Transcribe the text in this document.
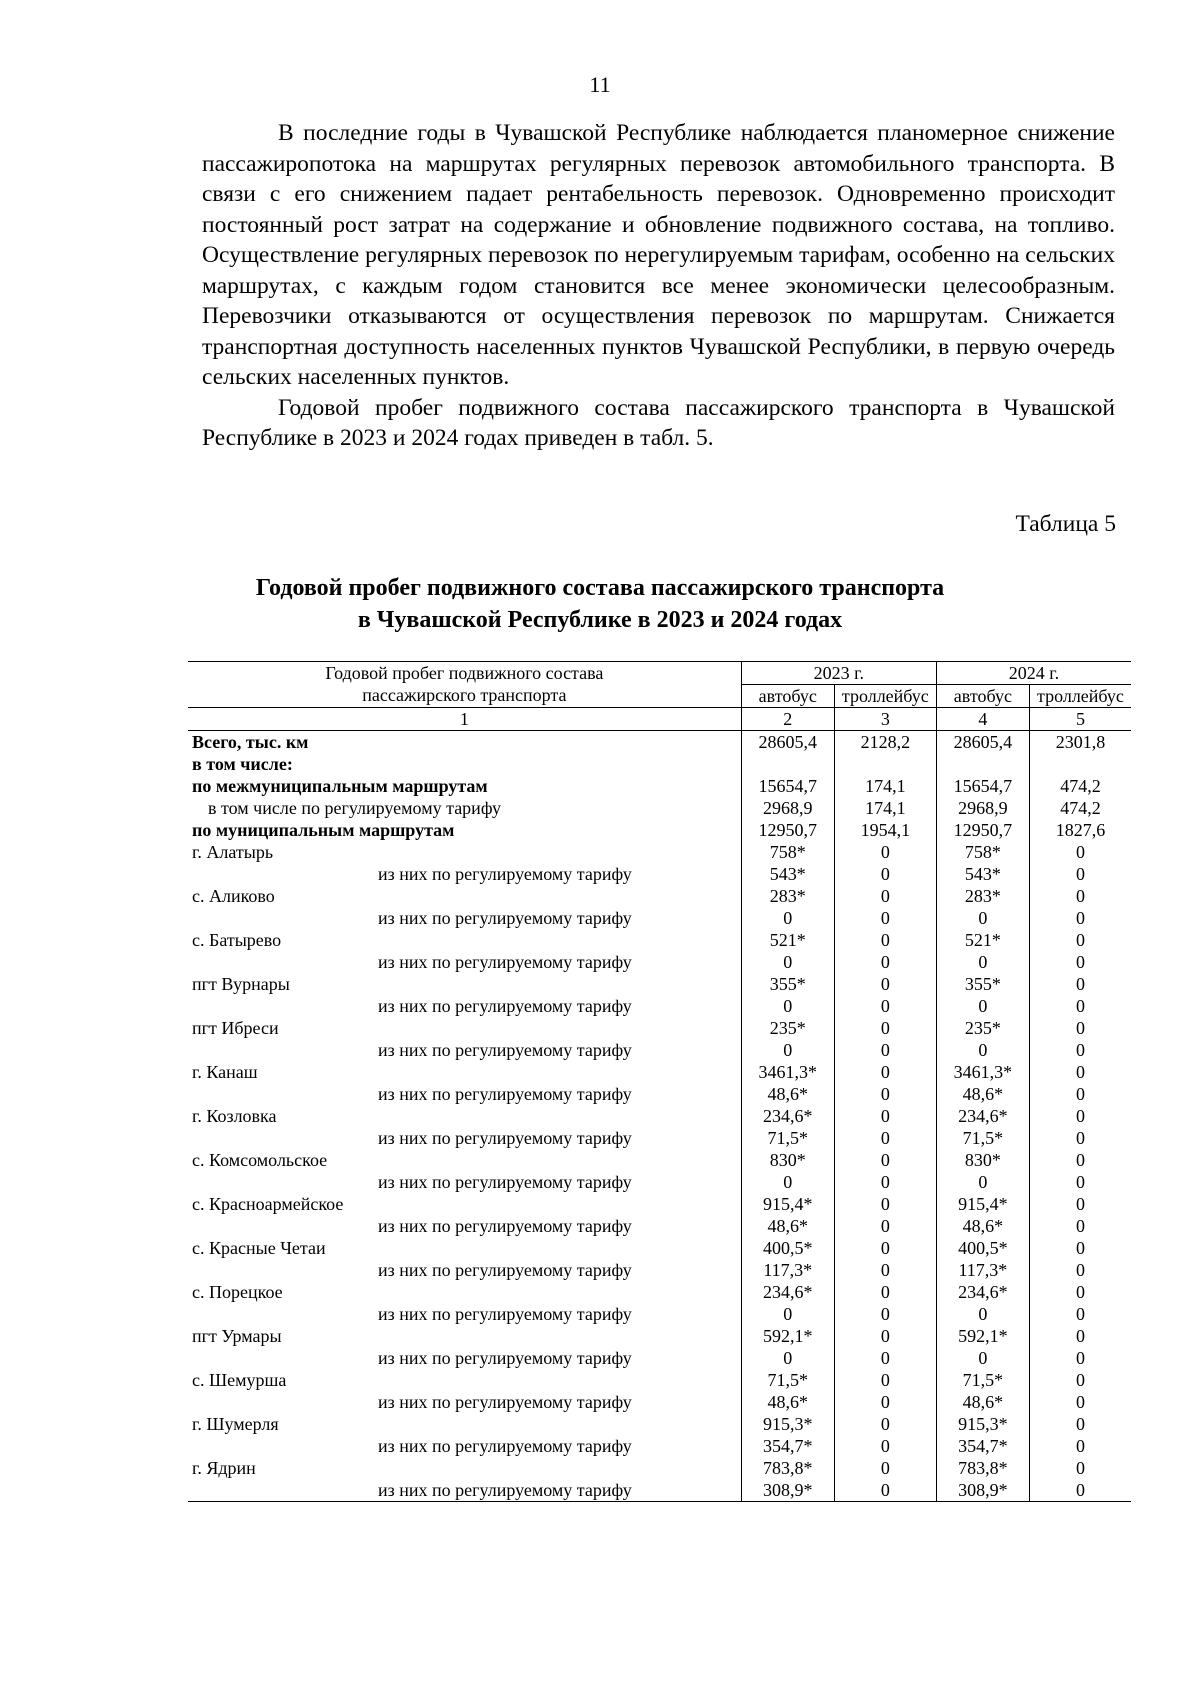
11

В последние годы в Чувашской Республике наблюдается планомерное снижение пассажиропотока на маршрутах регулярных перевозок автомобильного транспорта. В связи с его снижением падает рентабельность перевозок. Одновременно происходит постоянный рост затрат на содержание и обновление подвижного состава, на топливо. Осуществление регулярных перевозок по нерегулируемым тарифам, особенно на сельских маршрутах, с каждым годом становится все менее экономически целесообразным. Перевозчики отказываются от осуществления перевозок по маршрутам. Снижается транспортная доступность населенных пунктов Чувашской Республики, в первую очередь сельских населенных пунктов.

Годовой пробег подвижного состава пассажирского транспорта в Чувашской Республике в 2023 и 2024 годах приведен в табл. 5.

Таблица 5
Годовой пробег подвижного состава пассажирского транспорта
в Чувашской Республике в 2023 и 2024 годах
Годовой пробег подвижного состава
пассажирского транспорта	2023 г.		2024 г.	
	автобус	троллейбус	автобус	троллейбус
1	2	3	4	5
Всего, тыс. км	28605,4	2128,2	28605,4	2301,8
в том числе:				
по межмуниципальным маршрутам	15654,7	174,1	15654,7	474,2
в том числе по регулируемому тарифу	2968,9	174,1	2968,9	474,2
по муниципальным маршрутам	12950,7	1954,1	12950,7	1827,6
г. Алатырь	758*	0	758*	0
из них по регулируемому тарифу	543*	0	543*	0
с. Аликово	283*	0	283*	0
из них по регулируемому тарифу	0	0	0	0
с. Батырево	521*	0	521*	0
из них по регулируемому тарифу	0	0	0	0
пгт Вурнары	355*	0	355*	0
из них по регулируемому тарифу	0	0	0	0
пгт Ибреси	235*	0	235*	0
из них по регулируемому тарифу	0	0	0	0
г. Канаш	3461,3*	0	3461,3*	0
из них по регулируемому тарифу	48,6*	0	48,6*	0
г. Козловка	234,6*	0	234,6*	0
из них по регулируемому тарифу	71,5*	0	71,5*	0
с. Комсомольское	830*	0	830*	0
из них по регулируемому тарифу	0	0	0	0
с. Красноармейское	915,4*	0	915,4*	0
из них по регулируемому тарифу	48,6*	0	48,6*	0
с. Красные Четаи	400,5*	0	400,5*	0
из них по регулируемому тарифу	117,3*	0	117,3*	0
с. Порецкое	234,6*	0	234,6*	0
из них по регулируемому тарифу	0	0	0	0
пгт Урмары	592,1*	0	592,1*	0
из них по регулируемому тарифу	0	0	0	0
с. Шемурша	71,5*	0	71,5*	0
из них по регулируемому тарифу	48,6*	0	48,6*	0
г. Шумерля	915,3*	0	915,3*	0
из них по регулируемому тарифу	354,7*	0	354,7*	0
г. Ядрин	783,8*	0	783,8*	0
из них по регулируемому тарифу	308,9*	0	308,9*	0
